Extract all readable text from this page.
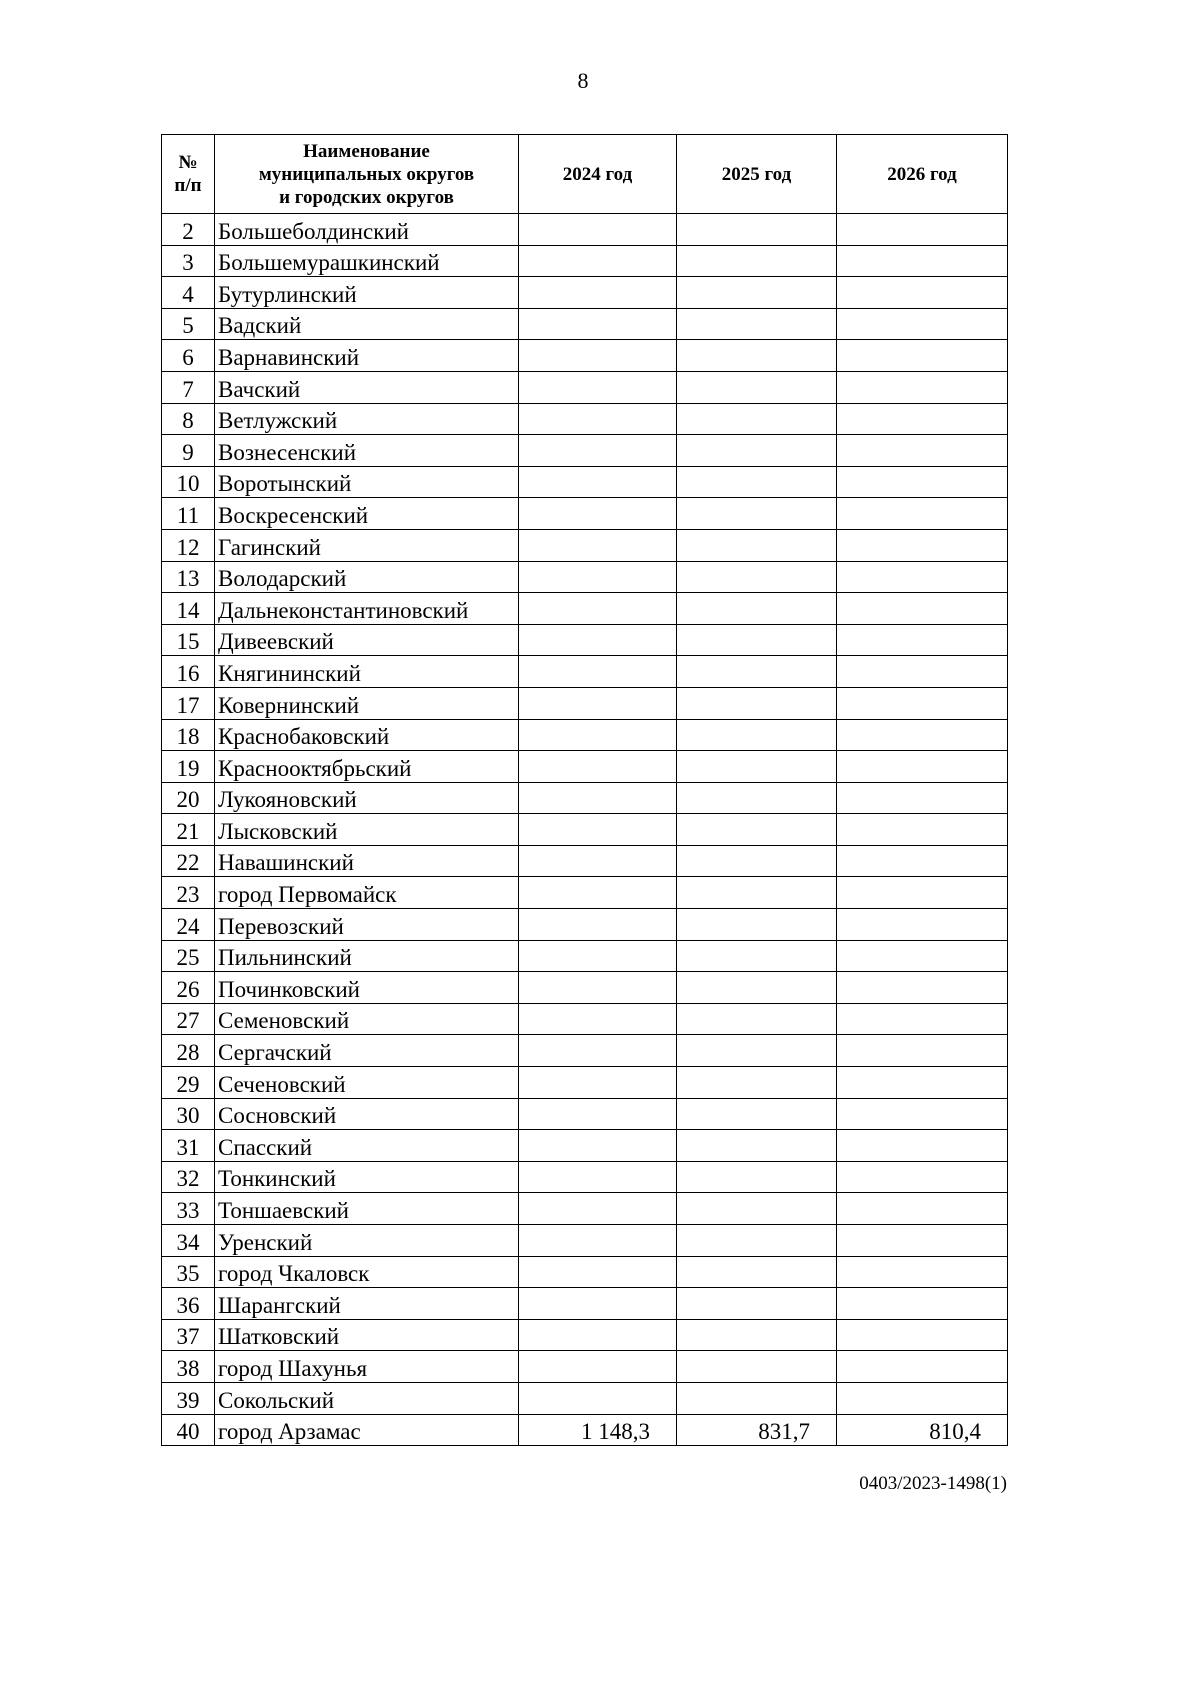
8
№
п/п	Наименование
муниципальных округов
и городских округов	2024 год	2025 год	2026 год
2	Большеболдинский			
3	Большемурашкинский			
4	Бутурлинский			
5	Вадский			
6	Варнавинский			
7	Вачский			
8	Ветлужский			
9	Вознесенский			
10	Воротынский			
11	Воскресенский			
12	Гагинский			
13	Володарский			
14	Дальнеконстантиновский			
15	Дивеевский			
16	Княгининский			
17	Ковернинский			
18	Краснобаковский			
19	Краснооктябрьский			
20	Лукояновский			
21	Лысковский			
22	Навашинский			
23	город Первомайск			
24	Перевозский			
25	Пильнинский			
26	Починковский			
27	Семеновский			
28	Сергачский			
29	Сеченовский			
30	Сосновский			
31	Спасский			
32	Тонкинский			
33	Тоншаевский			
34	Уренский			
35	город Чкаловск			
36	Шарангский			
37	Шатковский			
38	город Шахунья			
39	Сокольский			
40	город Арзамас	1 148,3	831,7	810,4
0403/2023-1498(1)
